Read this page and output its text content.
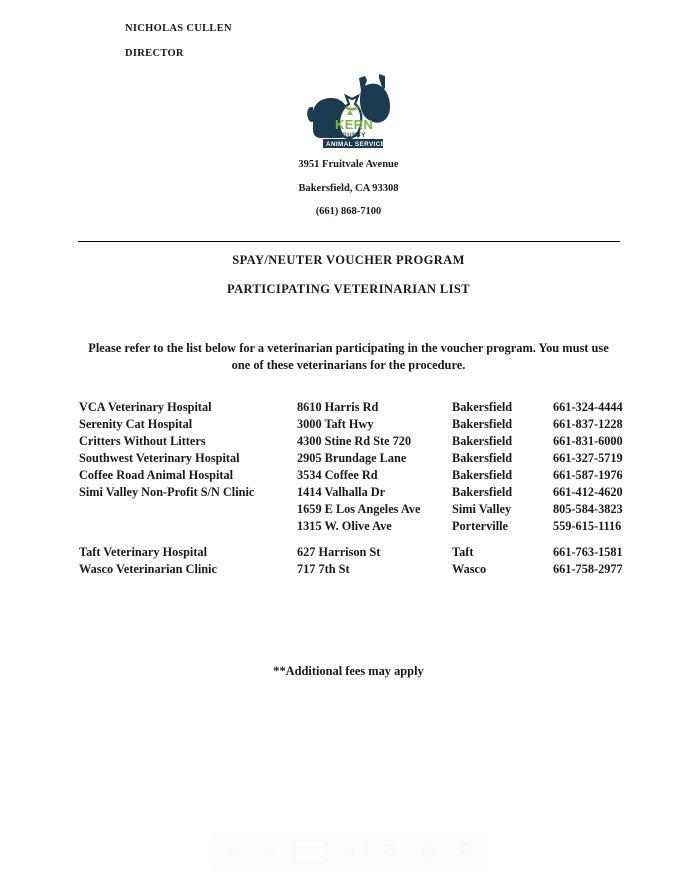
NICHOLAS CULLEN
DIRECTOR
KERN
COUNTY
ANIMAL SERVICES
3951 Fruitvale Avenue
Bakersfield, CA 93308
(661) 868-7100
SPAY/NEUTER VOUCHER PROGRAM
PARTICIPATING VETERINARIAN LIST
Please refer to the list below for a veterinarian participating in the voucher program. You must use one of these veterinarians for the procedure.
VCA Veterinary Hospital	8610 Harris Rd	Bakersfield	661-324-4444
Serenity Cat Hospital	3000 Taft Hwy	Bakersfield	661-837-1228
Critters Without Litters	4300 Stine Rd Ste 720	Bakersfield	661-831-6000
Southwest Veterinary Hospital	2905 Brundage Lane	Bakersfield	661-327-5719
Coffee Road Animal Hospital	3534 Coffee Rd	Bakersfield	661-587-1976
Simi Valley Non-Profit S/N Clinic	1414 Valhalla Dr	Bakersfield	661-412-4620
	1659 E Los Angeles Ave	Simi Valley	805-584-3823
	1315 W. Olive Ave	Porterville	559-615-1116
Taft Veterinary Hospital	627 Harrison St	Taft	661-763-1581
Wasco Veterinarian Clinic	717 7th St	Wasco	661-758-2977
**Additional fees may apply
2	/ 4
